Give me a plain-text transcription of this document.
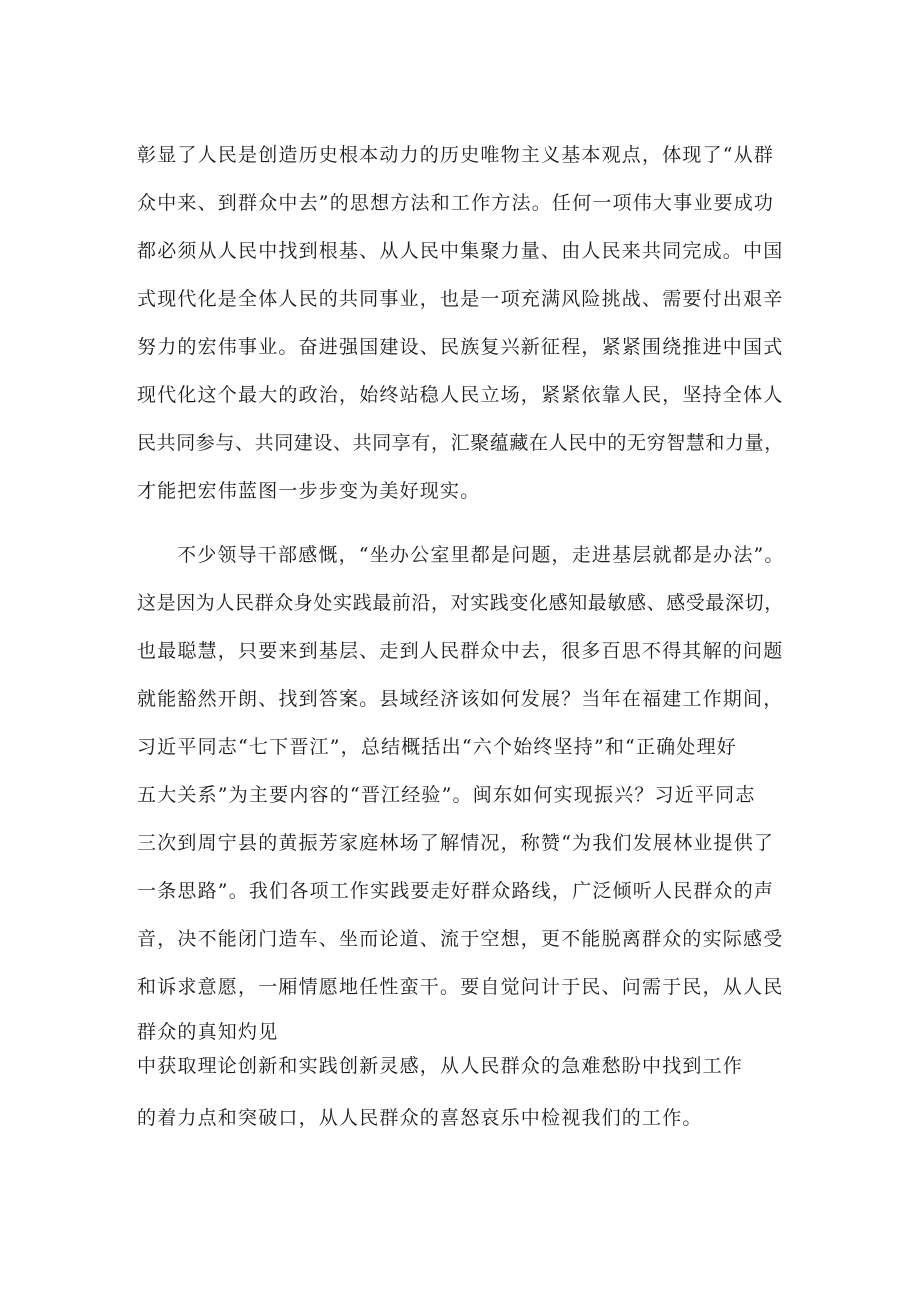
彰显了人民是创造历史根本动力的历史唯物主义基本观点，体现了“从群
众中来、到群众中去”的思想方法和工作方法。任何一项伟大事业要成功
都必须从人民中找到根基、从人民中集聚力量、由人民来共同完成。中国
式现代化是全体人民的共同事业，也是一项充满风险挑战、需要付出艰辛
努力的宏伟事业。奋进强国建设、民族复兴新征程，紧紧围绕推进中国式
现代化这个最大的政治，始终站稳人民立场，紧紧依靠人民，坚持全体人
民共同参与、共同建设、共同享有，汇聚蕴藏在人民中的无穷智慧和力量，
才能把宏伟蓝图一步步变为美好现实。
不少领导干部感慨，“坐办公室里都是问题，走进基层就都是办法”。
这是因为人民群众身处实践最前沿，对实践变化感知最敏感、感受最深切，
也最聪慧，只要来到基层、走到人民群众中去，很多百思不得其解的问题
就能豁然开朗、找到答案。县域经济该如何发展？当年在福建工作期间，
习近平同志“七下晋江”，总结概括出“六个始终坚持”和“正确处理好
五大关系”为主要内容的“晋江经验”。闽东如何实现振兴？习近平同志
三次到周宁县的黄振芳家庭林场了解情况，称赞“为我们发展林业提供了
一条思路”。我们各项工作实践要走好群众路线，广泛倾听人民群众的声
音，决不能闭门造车、坐而论道、流于空想，更不能脱离群众的实际感受
和诉求意愿，一厢情愿地任性蛮干。要自觉问计于民、问需于民，从人民
群众的真知灼见
中获取理论创新和实践创新灵感，从人民群众的急难愁盼中找到工作
的着力点和突破口，从人民群众的喜怒哀乐中检视我们的工作。
